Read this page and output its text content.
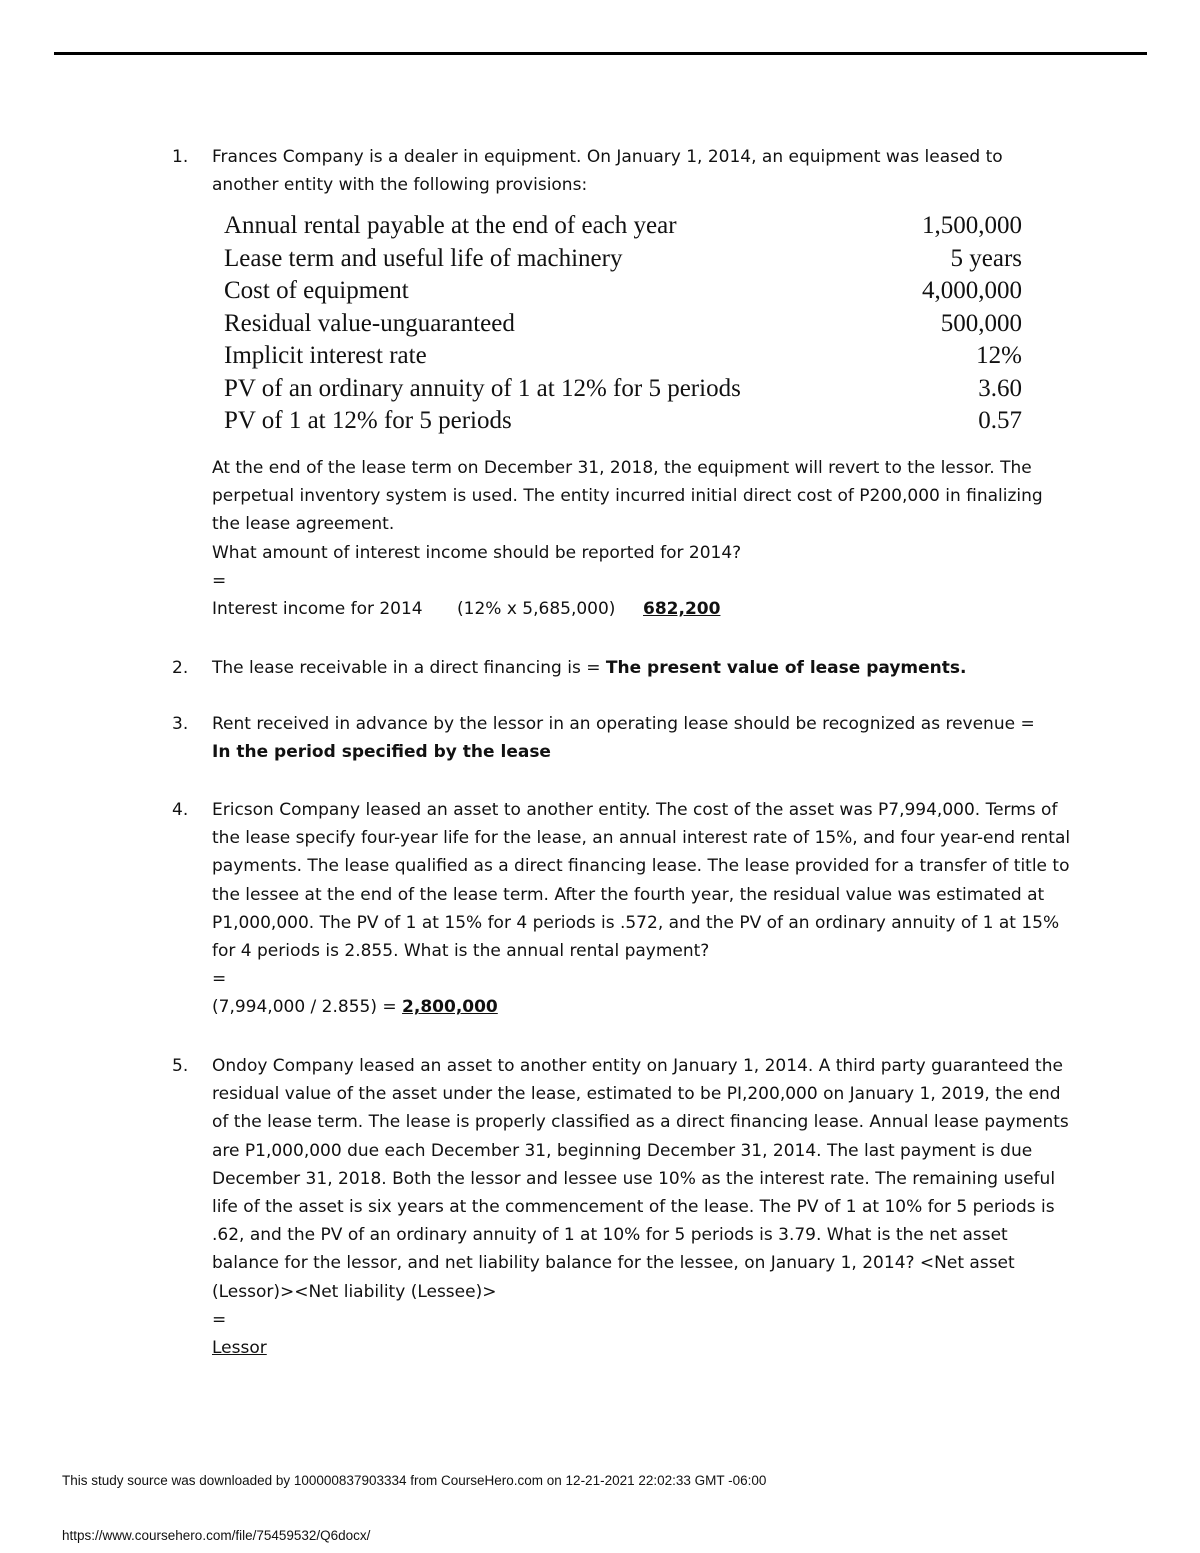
1.	Frances Company is a dealer in equipment. On January 1, 2014, an equipment was leased to another entity with the following provisions:

Annual rental payable at the end of each year	1,500,000
Lease term and useful life of machinery	5 years
Cost of equipment	4,000,000
Residual value-unguaranteed	500,000
Implicit interest rate	12%
PV of an ordinary annuity of 1 at 12% for 5 periods	3.60
PV of 1 at 12% for 5 periods	0.57

At the end of the lease term on December 31, 2018, the equipment will revert to the lessor. The perpetual inventory system is used. The entity incurred initial direct cost of P200,000 in finalizing the lease agreement.

What amount of interest income should be reported for 2014?

=

Interest income for 2014	(12% x 5,685,000)	682,200

2.	The lease receivable in a direct financing is = The present value of lease payments.

3.	Rent received in advance by the lessor in an operating lease should be recognized as revenue =

In the period specified by the lease

4.	Ericson Company leased an asset to another entity. The cost of the asset was P7,994,000. Terms of the lease specify four-year life for the lease, an annual interest rate of 15%, and four year-end rental payments. The lease qualified as a direct financing lease. The lease provided for a transfer of title to the lessee at the end of the lease term. After the fourth year, the residual value was estimated at P1,000,000. The PV of 1 at 15% for 4 periods is .572, and the PV of an ordinary annuity of 1 at 15% for 4 periods is 2.855. What is the annual rental payment?

=

(7,994,000 / 2.855) = 2,800,000

5.	Ondoy Company leased an asset to another entity on January 1, 2014. A third party guaranteed the residual value of the asset under the lease, estimated to be PI,200,000 on January 1, 2019, the end of the lease term. The lease is properly classified as a direct financing lease. Annual lease payments are P1,000,000 due each December 31, beginning December 31, 2014. The last payment is due December 31, 2018. Both the lessor and lessee use 10% as the interest rate. The remaining useful life of the asset is six years at the commencement of the lease. The PV of 1 at 10% for 5 periods is .62, and the PV of an ordinary annuity of 1 at 10% for 5 periods is 3.79. What is the net asset balance for the lessor, and net liability balance for the lessee, on January 1, 2014? <Net asset (Lessor)><Net liability (Lessee)>

=

Lessor

This study source was downloaded by 100000837903334 from CourseHero.com on 12-21-2021 22:02:33 GMT -06:00
https://www.coursehero.com/file/75459532/Q6docx/
